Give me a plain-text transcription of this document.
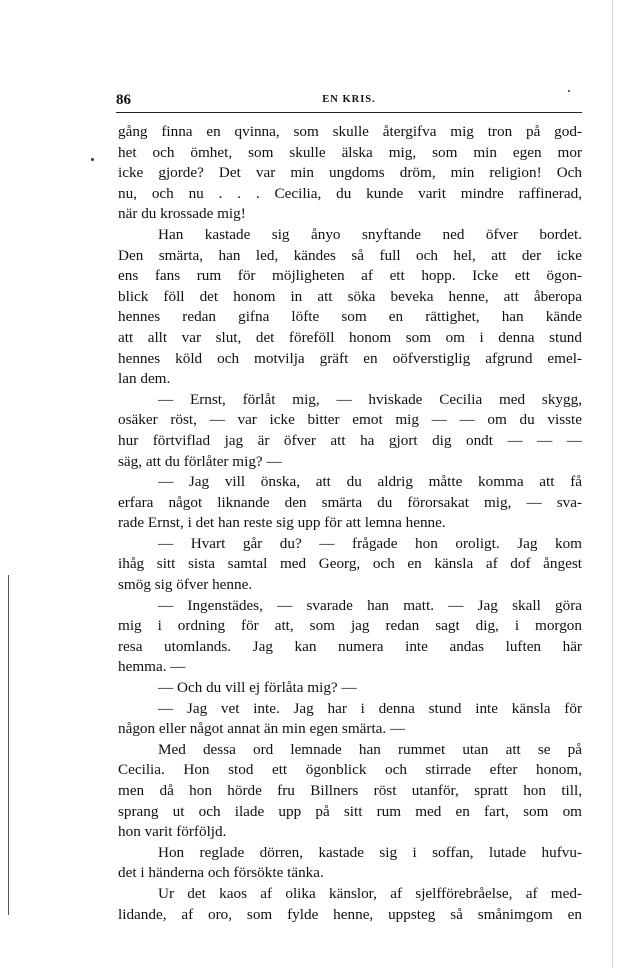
86	EN KRIS.
gång finna en qvinna, som skulle återgifva mig tron på god-
het och ömhet, som skulle älska mig, som min egen mor
icke gjorde? Det var min ungdoms dröm, min religion! Och
nu, och nu . . . Cecilia, du kunde varit mindre raffinerad,
när du krossade mig!
Han kastade sig ånyo snyftande ned öfver bordet.
Den smärta, han led, kändes så full och hel, att der icke
ens fans rum för möjligheten af ett hopp. Icke ett ögon-
blick föll det honom in att söka beveka henne, att åberopa
hennes redan gifna löfte som en rättighet, han kände
att allt var slut, det föreföll honom som om i denna stund
hennes köld och motvilja gräft en oöfverstiglig afgrund emel-
lan dem.
— Ernst, förlåt mig, — hviskade Cecilia med skygg,
osäker röst, — var icke bitter emot mig — — om du visste
hur förtviflad jag är öfver att ha gjort dig ondt — — —
säg, att du förlåter mig? —
— Jag vill önska, att du aldrig måtte komma att få
erfara något liknande den smärta du förorsakat mig, — sva-
rade Ernst, i det han reste sig upp för att lemna henne.
— Hvart går du? — frågade hon oroligt. Jag kom
ihåg sitt sista samtal med Georg, och en känsla af dof ångest
smög sig öfver henne.
— Ingenstädes, — svarade han matt. — Jag skall göra
mig i ordning för att, som jag redan sagt dig, i morgon
resa utomlands. Jag kan numera inte andas luften här
hemma. —
— Och du vill ej förlåta mig? —
— Jag vet inte. Jag har i denna stund inte känsla för
någon eller något annat än min egen smärta. —
Med dessa ord lemnade han rummet utan att se på
Cecilia. Hon stod ett ögonblick och stirrade efter honom,
men då hon hörde fru Billners röst utanför, spratt hon till,
sprang ut och ilade upp på sitt rum med en fart, som om
hon varit förföljd.
Hon reglade dörren, kastade sig i soffan, lutade hufvu-
det i händerna och försökte tänka.
Ur det kaos af olika känslor, af sjelfförebråelse, af med-
lidande, af oro, som fylde henne, uppsteg så smånimgom en
